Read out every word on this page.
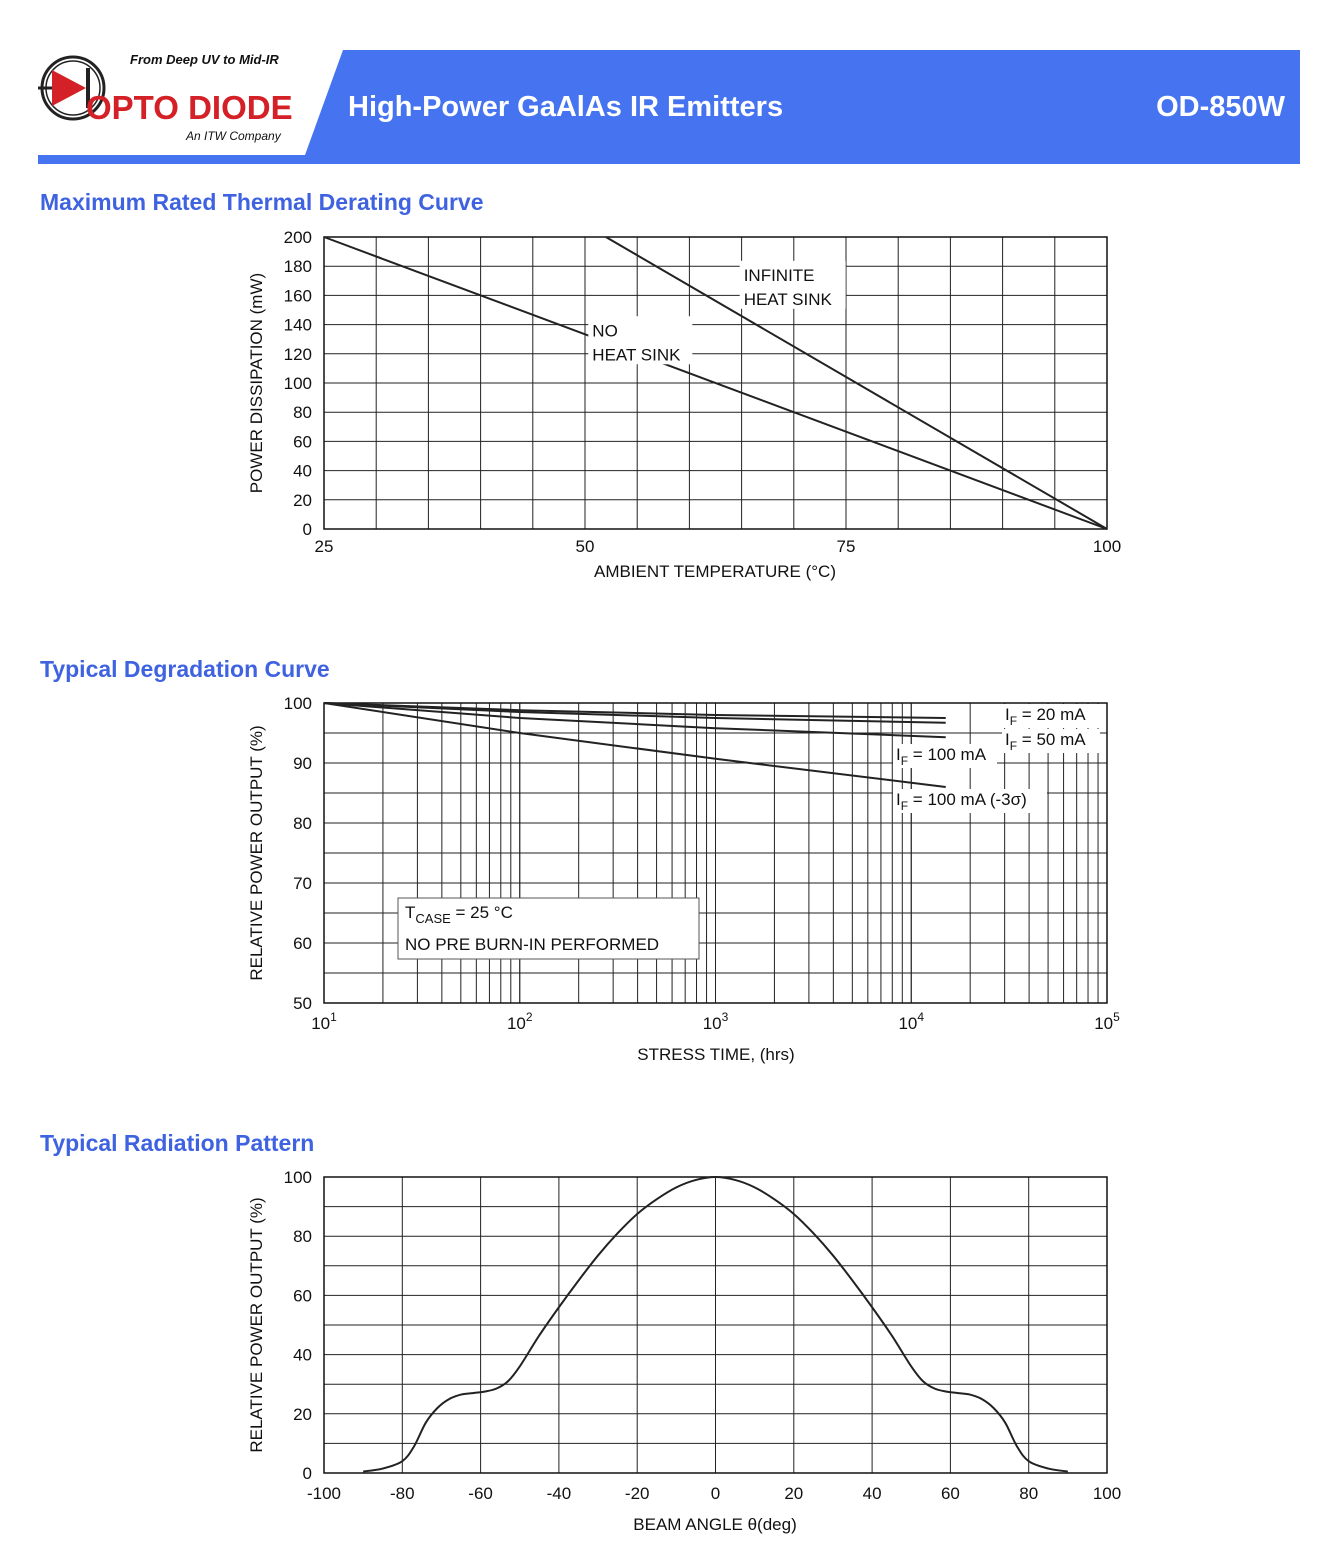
From Deep UV to Mid-IR
OPTO DIODE
An ITW Company
High-Power GaAlAs IR Emitters	OD-850W
Maximum Rated Thermal Derating Curve
Typical Degradation Curve
Typical Radiation Pattern
0
20
40
60
80
100
120
140
160
180
200
25	50	75	100
NO
HEAT SINK
INFINITE
HEAT SINK
AMBIENT TEMPERATURE (°C)
POWER DISSIPATION (mW)
50
60
70
80
90
100
$10^1$	$10^2$	$10^3$	$10^4$	$10^5$
$I_F = 20$ mA
$I_F = 50$ mA
$I_F = 100$ mA
$I_F = 100$ mA (-3σ)
$T_{CASE} = 25$ °C
NO PRE BURN-IN PERFORMED
STRESS TIME, (hrs)
RELATIVE POWER OUTPUT (%)
0
20
40
60
80
100
-100	-80	-60	-40	-20	0	20	40	60	80	100
BEAM ANGLE θ(deg)
RELATIVE POWER OUTPUT (%)
